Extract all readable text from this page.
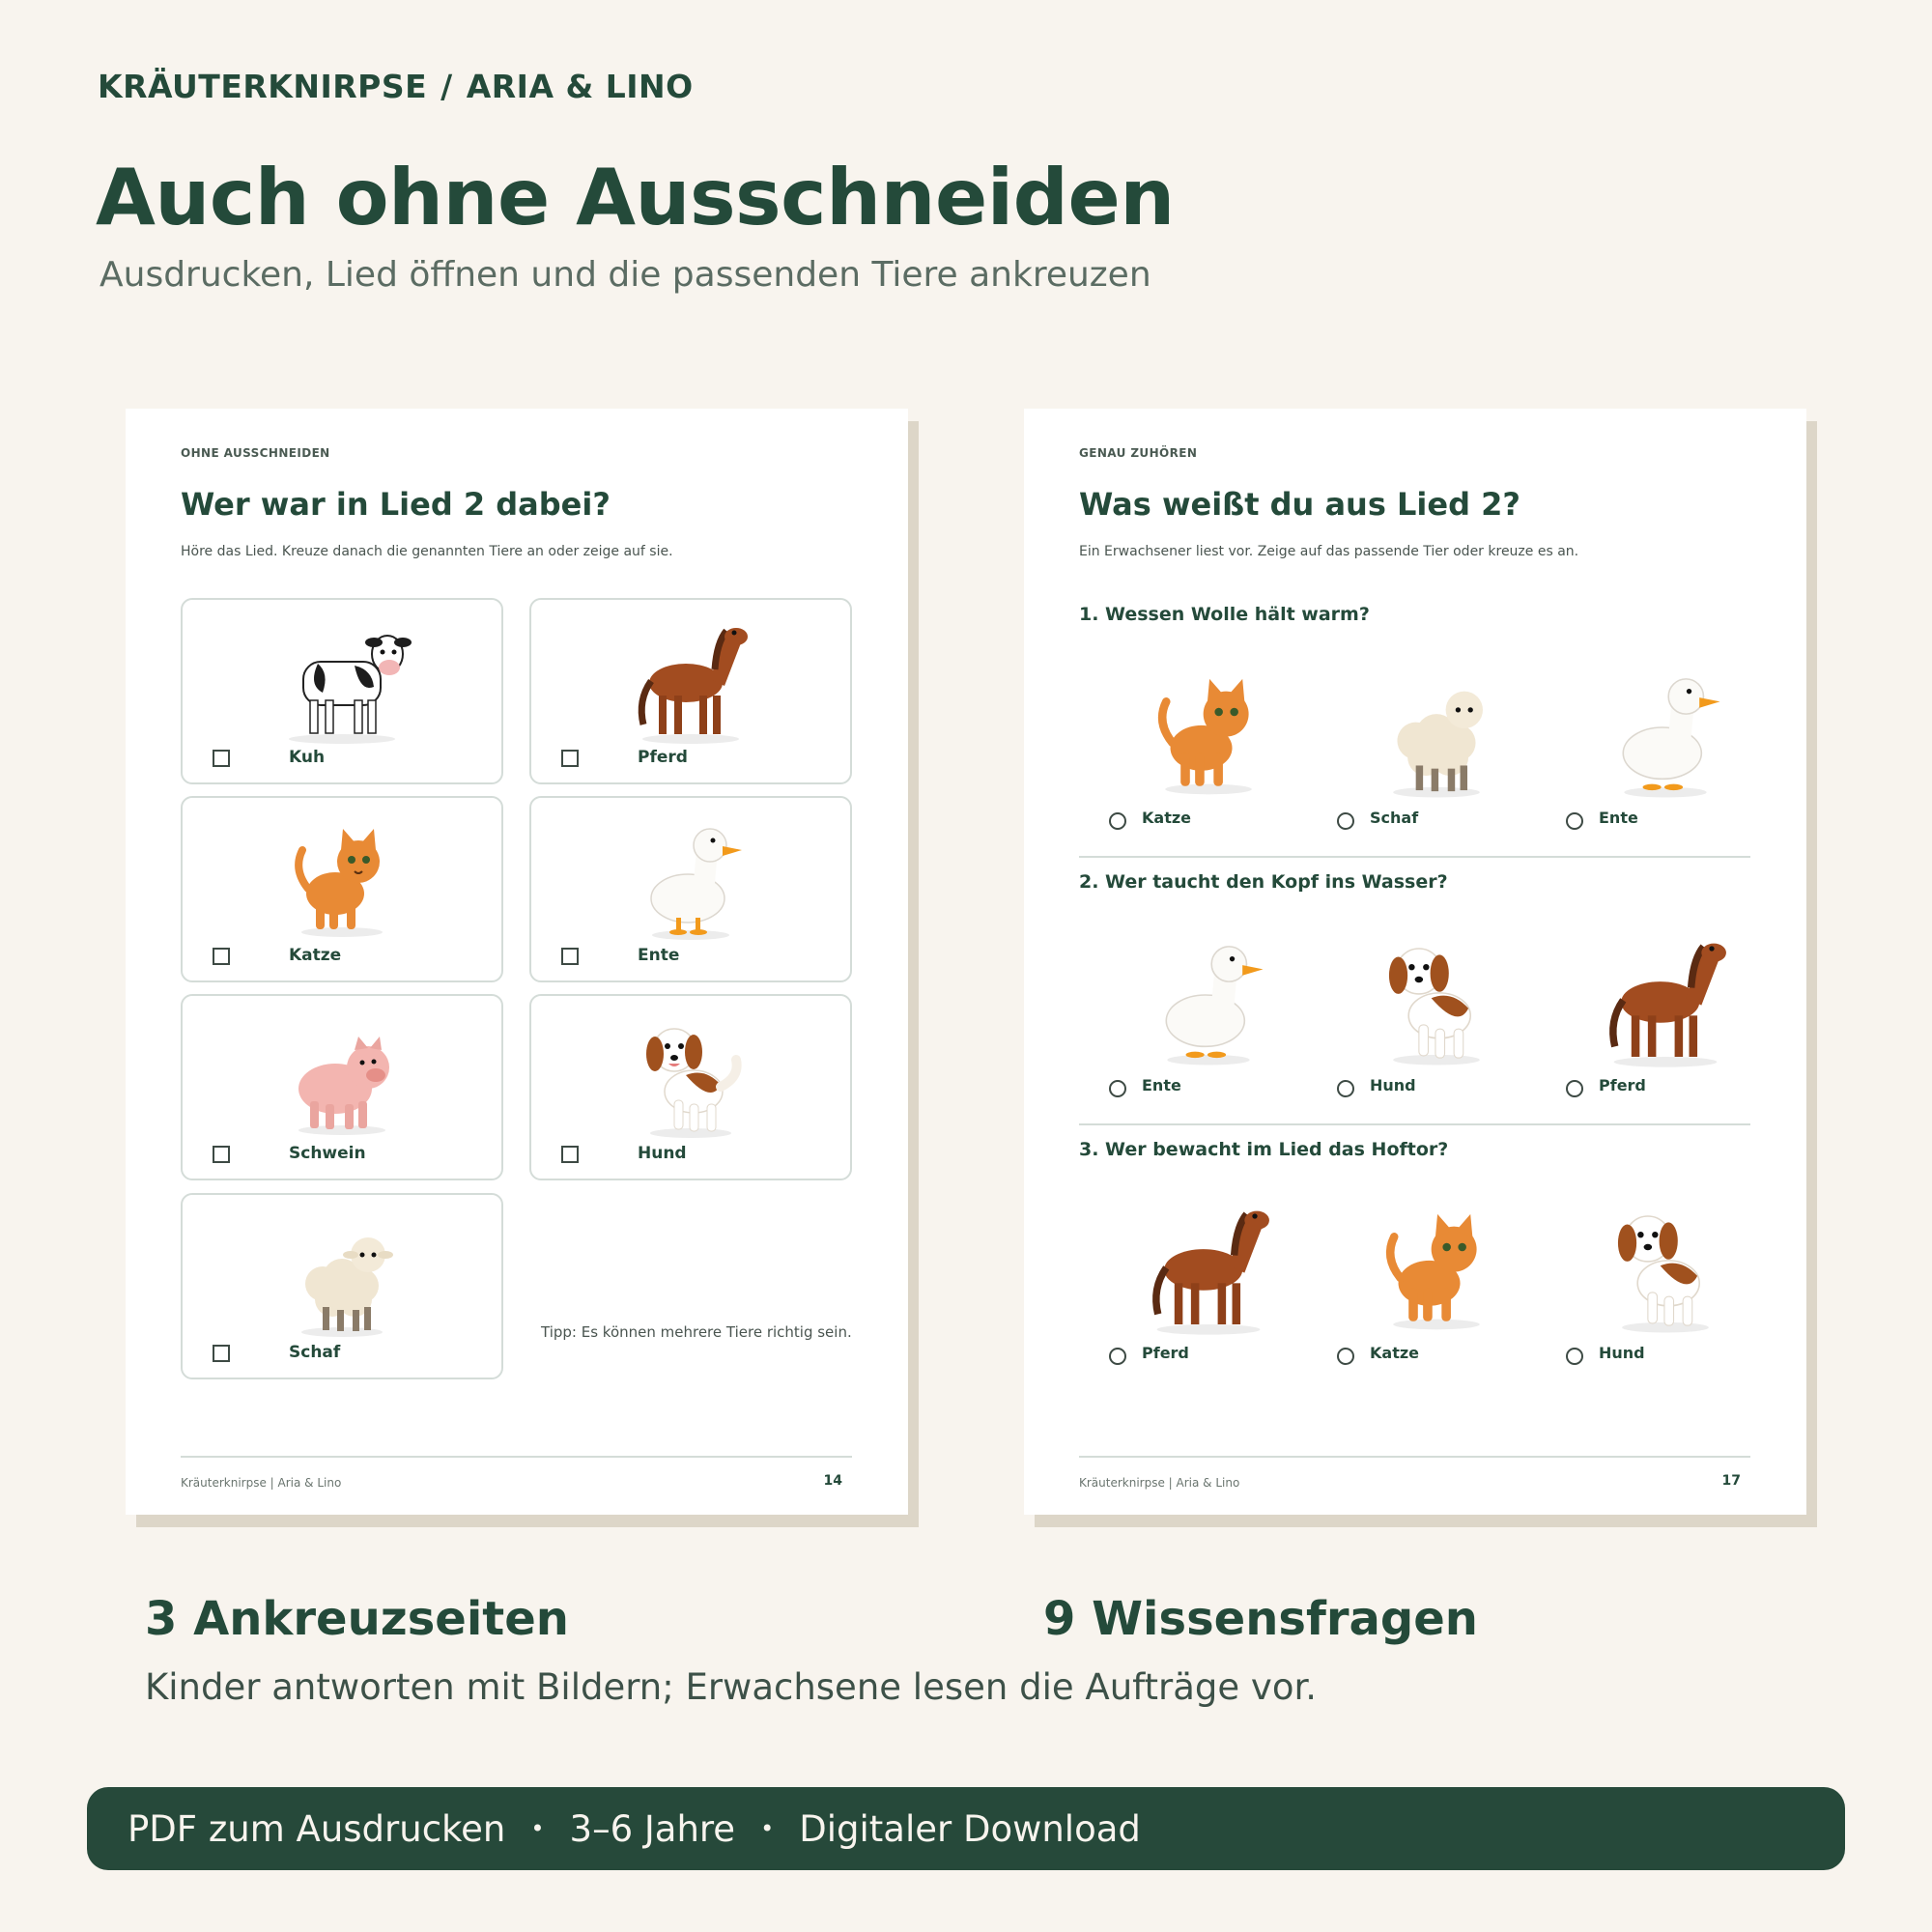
KRÄUTERKNIRPSE / ARIA & LINO
Auch ohne Ausschneiden
Ausdrucken, Lied öffnen und die passenden Tiere ankreuzen
OHNE AUSSCHNEIDEN
Wer war in Lied 2 dabei?
Höre das Lied. Kreuze danach die genannten Tiere an oder zeige auf sie.
Kuh	Pferd
Katze	Ente
Schwein	Hund
Schaf
Tipp: Es können mehrere Tiere richtig sein.
Kräuterknirpse | Aria & Lino	14
GENAU ZUHÖREN
Was weißt du aus Lied 2?
Ein Erwachsener liest vor. Zeige auf das passende Tier oder kreuze es an.
1. Wessen Wolle hält warm?
Katze	Schaf	Ente
2. Wer taucht den Kopf ins Wasser?
Ente	Hund	Pferd
3. Wer bewacht im Lied das Hoftor?
Pferd	Katze	Hund
Kräuterknirpse | Aria & Lino	17
3 Ankreuzseiten	9 Wissensfragen
Kinder antworten mit Bildern; Erwachsene lesen die Aufträge vor.
PDF zum Ausdrucken • 3–6 Jahre • Digitaler Download
